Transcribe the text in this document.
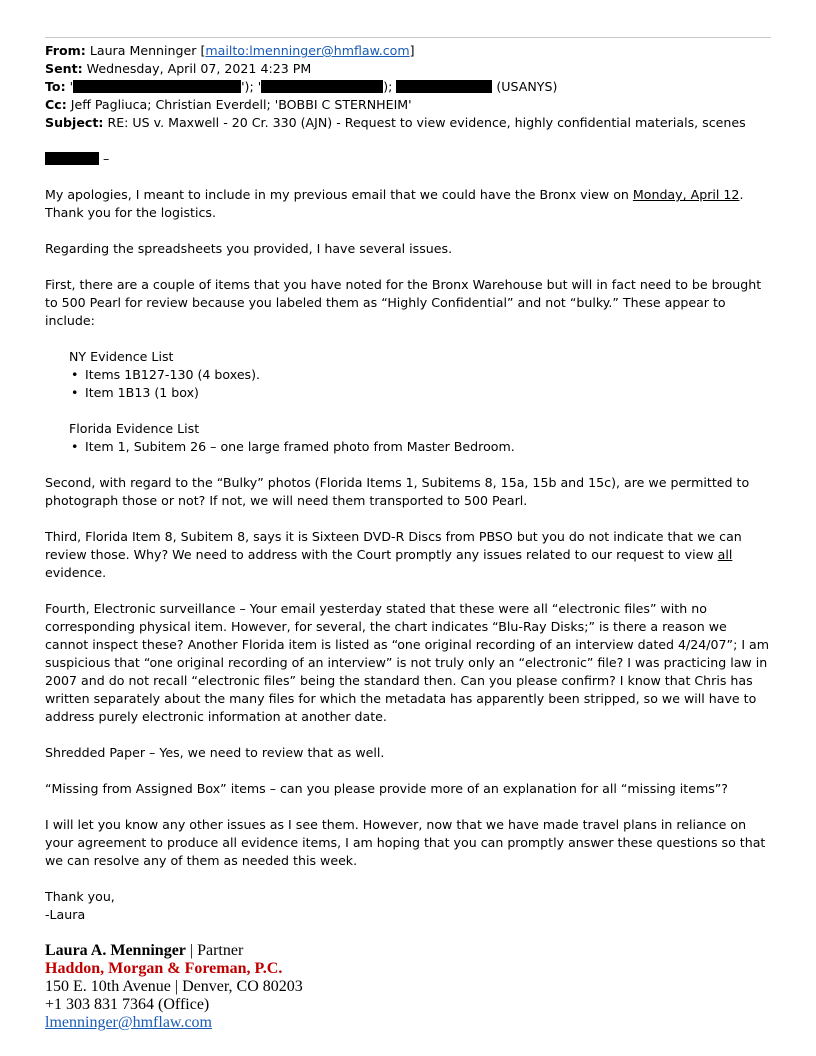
From: Laura Menninger [mailto:lmenninger@hmflaw.com]
Sent: Wednesday, April 07, 2021 4:23 PM
To: '	'); '	);	(USANYS)
Cc: Jeff Pagliuca; Christian Everdell; 'BOBBI C STERNHEIM'
Subject: RE: US v. Maxwell - 20 Cr. 330 (AJN) - Request to view evidence, highly confidential materials, scenes

–

My apologies, I meant to include in my previous email that we could have the Bronx view on Monday, April 12. Thank you for the logistics.

Regarding the spreadsheets you provided, I have several issues.

First, there are a couple of items that you have noted for the Bronx Warehouse but will in fact need to be brought to 500 Pearl for review because you labeled them as “Highly Confidential” and not “bulky.” These appear to include:

NY Evidence List
• Items 1B127-130 (4 boxes).
• Item 1B13 (1 box)
Florida Evidence List
• Item 1, Subitem 26 – one large framed photo from Master Bedroom.

Second, with regard to the “Bulky” photos (Florida Items 1, Subitems 8, 15a, 15b and 15c), are we permitted to photograph those or not? If not, we will need them transported to 500 Pearl.

Third, Florida Item 8, Subitem 8, says it is Sixteen DVD-R Discs from PBSO but you do not indicate that we can review those. Why? We need to address with the Court promptly any issues related to our request to view all evidence.

Fourth, Electronic surveillance – Your email yesterday stated that these were all “electronic files” with no corresponding physical item. However, for several, the chart indicates “Blu-Ray Disks;” is there a reason we cannot inspect these? Another Florida item is listed as “one original recording of an interview dated 4/24/07”; I am suspicious that “one original recording of an interview” is not truly only an “electronic” file? I was practicing law in 2007 and do not recall “electronic files” being the standard then. Can you please confirm? I know that Chris has written separately about the many files for which the metadata has apparently been stripped, so we will have to address purely electronic information at another date.

Shredded Paper – Yes, we need to review that as well.

“Missing from Assigned Box” items – can you please provide more of an explanation for all “missing items”?

I will let you know any other issues as I see them. However, now that we have made travel plans in reliance on your agreement to produce all evidence items, I am hoping that you can promptly answer these questions so that we can resolve any of them as needed this week.

Thank you,

-Laura

Laura A. Menninger | Partner
Haddon, Morgan & Foreman, P.C.
150 E. 10th Avenue | Denver, CO 80203
+1 303 831 7364 (Office)
lmenninger@hmflaw.com
